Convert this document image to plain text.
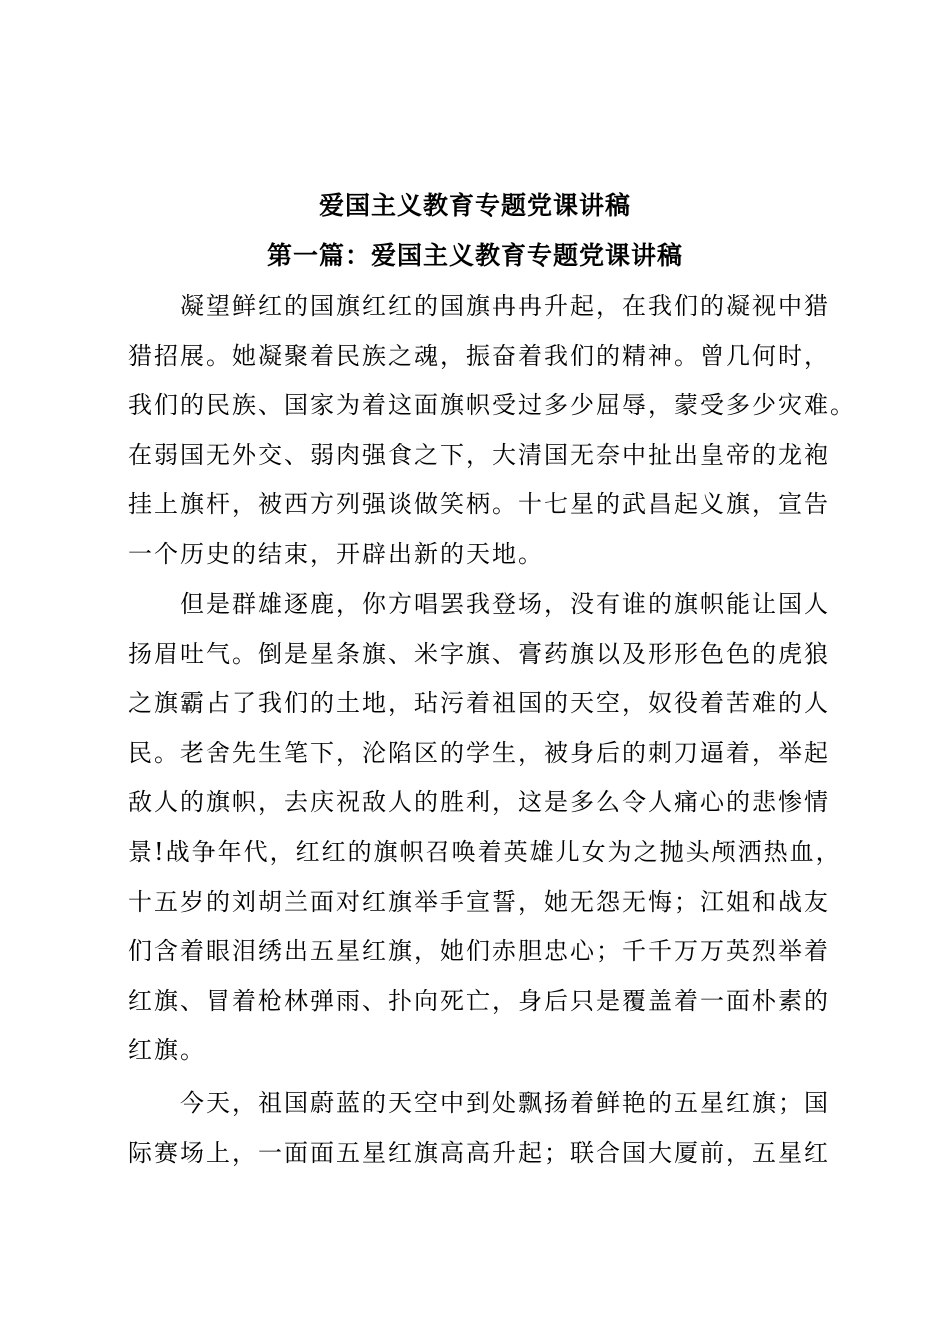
爱国主义教育专题党课讲稿
第一篇：爱国主义教育专题党课讲稿
凝望鲜红的国旗红红的国旗冉冉升起，在我们的凝视中猎
猎招展。她凝聚着民族之魂，振奋着我们的精神。曾几何时，
我们的民族、国家为着这面旗帜受过多少屈辱，蒙受多少灾难。
在弱国无外交、弱肉强食之下，大清国无奈中扯出皇帝的龙袍
挂上旗杆，被西方列强谈做笑柄。十七星的武昌起义旗，宣告
一个历史的结束，开辟出新的天地。
但是群雄逐鹿，你方唱罢我登场，没有谁的旗帜能让国人
扬眉吐气。倒是星条旗、米字旗、膏药旗以及形形色色的虎狼
之旗霸占了我们的土地，玷污着祖国的天空，奴役着苦难的人
民。老舍先生笔下，沦陷区的学生，被身后的刺刀逼着，举起
敌人的旗帜，去庆祝敌人的胜利，这是多么令人痛心的悲惨情
景!战争年代，红红的旗帜召唤着英雄儿女为之抛头颅洒热血，
十五岁的刘胡兰面对红旗举手宣誓，她无怨无悔；江姐和战友
们含着眼泪绣出五星红旗，她们赤胆忠心；千千万万英烈举着
红旗、冒着枪林弹雨、扑向死亡，身后只是覆盖着一面朴素的
红旗。
今天，祖国蔚蓝的天空中到处飘扬着鲜艳的五星红旗；国
际赛场上，一面面五星红旗高高升起；联合国大厦前，五星红
